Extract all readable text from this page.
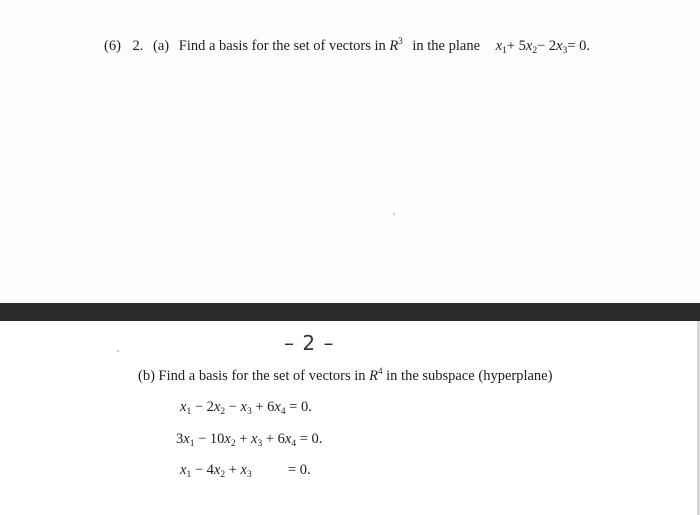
(6) 2. (a) Find a basis for the set of vectors in $R^3$ in the plane x1+ 5x2− 2x3= 0.
– 2 –
(b) Find a basis for the set of vectors in $R^4$ in the subspace (hyperplane)
$x_1 - 2x_2 - x_3 + 6x_4 = 0$.
$3x_1 - 10x_2 + x_3 + 6x_4 = 0$.
$x_1 - 4x_2 + x_3$          = 0.
